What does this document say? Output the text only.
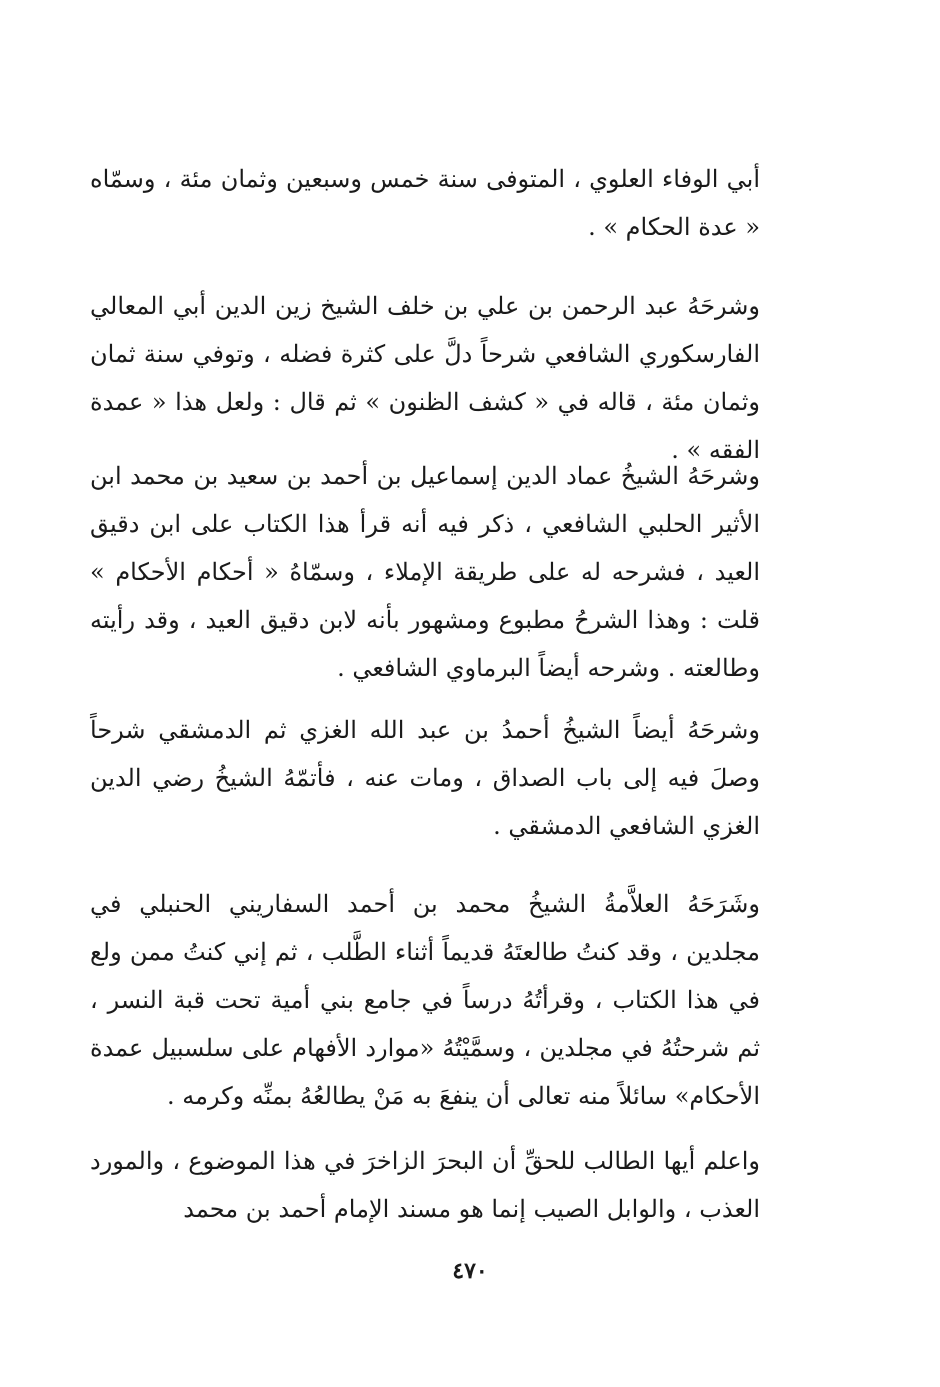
أبي الوفاء العلوي ، المتوفى سنة خمس وسبعين وثمان مئة ، وسمّاه « عدة الحكام » .
وشرحَهُ عبد الرحمن بن علي بن خلف الشيخ زين الدين أبي المعالي الفارسكوري الشافعي شرحاً دلَّ على كثرة فضله ، وتوفي سنة ثمان وثمان مئة ، قاله في « كشف الظنون » ثم قال : ولعل هذا « عمدة الفقه » .
وشرحَهُ الشيخُ عماد الدين إسماعيل بن أحمد بن سعيد بن محمد ابن الأثير الحلبي الشافعي ، ذكر فيه أنه قرأ هذا الكتاب على ابن دقيق العيد ، فشرحه له على طريقة الإملاء ، وسمّاهُ « أحكام الأحكام » قلت : وهذا الشرحُ مطبوع ومشهور بأنه لابن دقيق العيد ، وقد رأيته وطالعته . وشرحه أيضاً البرماوي الشافعي .
وشرحَهُ أيضاً الشيخُ أحمدُ بن عبد الله الغزي ثم الدمشقي شرحاً وصلَ فيه إلى باب الصداق ، ومات عنه ، فأتمّهُ الشيخُ رضي الدين الغزي الشافعي الدمشقي .
وشَرَحَهُ العلاَّمةُ الشيخُ محمد بن أحمد السفاريني الحنبلي في مجلدين ، وقد كنتُ طالعتَهُ قديماً أثناء الطَّلب ، ثم إني كنتُ ممن ولع في هذا الكتاب ، وقرأتُهُ درساً في جامع بني أمية تحت قبة النسر ، ثم شرحتُهُ في مجلدين ، وسمَّيْتُهُ «موارد الأفهام على سلسبيل عمدة الأحكام» سائلاً منه تعالى أن ينفعَ به مَنْ يطالعُهُ بمنِّه وكرمه .
واعلم أيها الطالب للحقِّ أن البحرَ الزاخرَ في هذا الموضوع ، والمورد العذب ، والوابل الصيب إنما هو مسند الإمام أحمد بن محمد
٤٧٠
